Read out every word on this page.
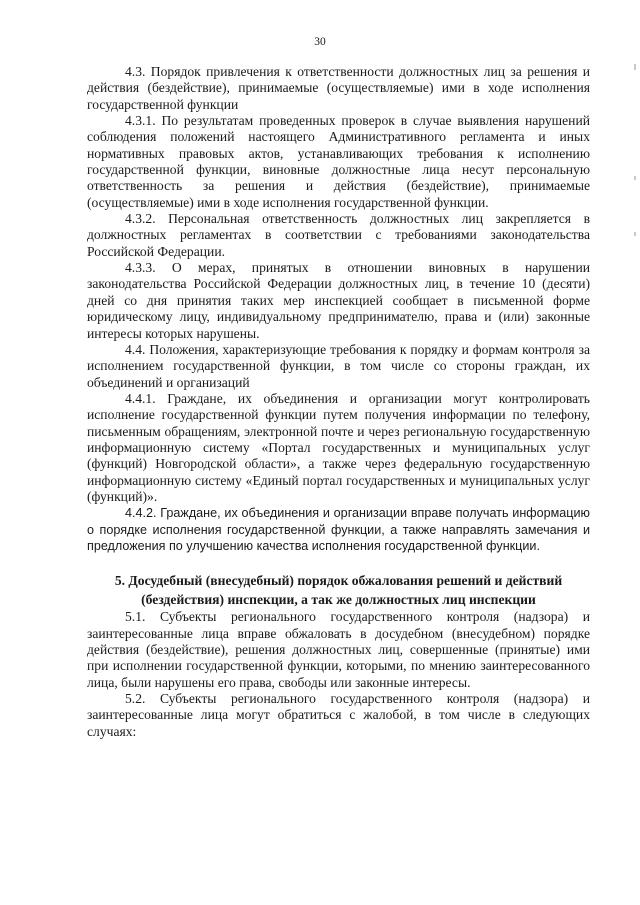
30

4.3. Порядок привлечения к ответственности должностных лиц за решения и действия (бездействие), принимаемые (осуществляемые) ими в ходе исполнения государственной функции

4.3.1. По результатам проведенных проверок в случае выявления нарушений соблюдения положений настоящего Административного регламента и иных нормативных правовых актов, устанавливающих требования к исполнению государственной функции, виновные должностные лица несут персональную ответственность за решения и действия (бездействие), принимаемые (осуществляемые) ими в ходе исполнения государственной функции.

4.3.2. Персональная ответственность должностных лиц закрепляется в должностных регламентах в соответствии с требованиями законодательства Российской Федерации.

4.3.3. О мерах, принятых в отношении виновных в нарушении законодательства Российской Федерации должностных лиц, в течение 10 (десяти) дней со дня принятия таких мер инспекцией сообщает в письменной форме юридическому лицу, индивидуальному предпринимателю, права и (или) законные интересы которых нарушены.

4.4. Положения, характеризующие требования к порядку и формам контроля за исполнением государственной функции, в том числе со стороны граждан, их объединений и организаций

4.4.1. Граждане, их объединения и организации могут контролировать исполнение государственной функции путем получения информации по телефону, письменным обращениям, электронной почте и через региональную государственную информационную систему «Портал государственных и муниципальных услуг (функций) Новгородской области», а также через федеральную государственную информационную систему «Единый портал государственных и муниципальных услуг (функций)».

4.4.2. Граждане, их объединения и организации вправе получать информацию о порядке исполнения государственной функции, а также направлять замечания и предложения по улучшению качества исполнения государственной функции.

5. Досудебный (внесудебный) порядок обжалования решений и действий (бездействия) инспекции, а так же должностных лиц инспекции

5.1. Субъекты регионального государственного контроля (надзора) и заинтересованные лица вправе обжаловать в досудебном (внесудебном) порядке действия (бездействие), решения должностных лиц, совершенные (принятые) ими при исполнении государственной функции, которыми, по мнению заинтересованного лица, были нарушены его права, свободы или законные интересы.

5.2. Субъекты регионального государственного контроля (надзора) и заинтересованные лица могут обратиться с жалобой, в том числе в следующих случаях:
